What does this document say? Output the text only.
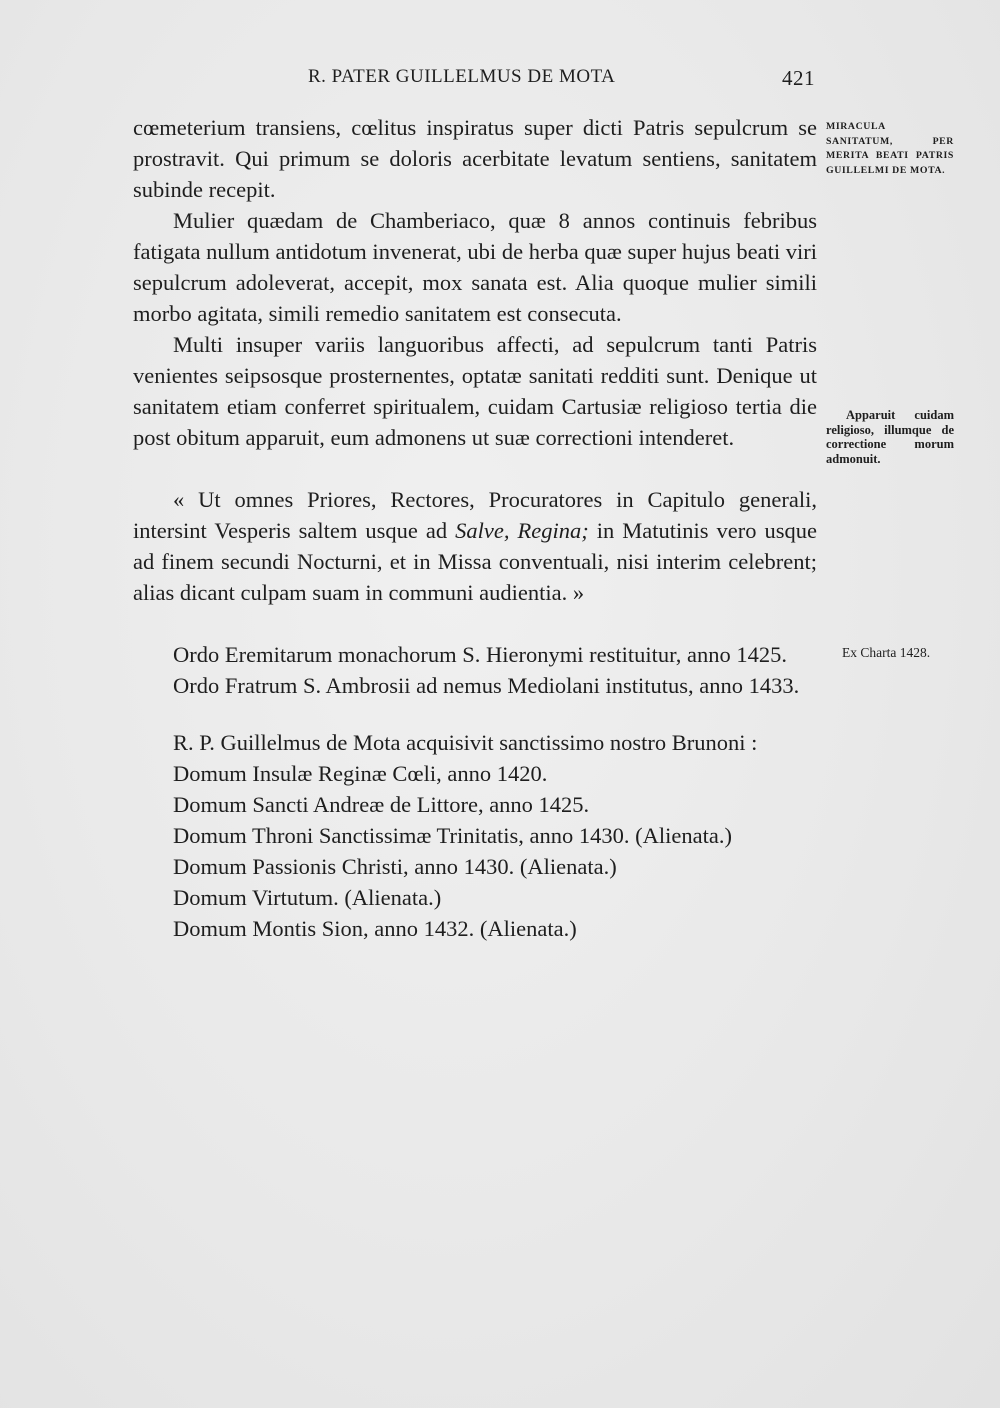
R. PATER GUILLELMUS DE MOTA	421

cœmeterium transiens, cœlitus inspiratus super dicti Patris sepulcrum se prostravit. Qui primum se doloris acerbitate levatum sentiens, sanitatem subinde recepit.

Mulier quædam de Chamberiaco, quæ 8 annos continuis febribus fatigata nullum antidotum invenerat, ubi de herba quæ super hujus beati viri sepulcrum adoleverat, accepit, mox sanata est. Alia quoque mulier simili morbo agitata, simili remedio sanitatem est consecuta.

Multi insuper variis languoribus affecti, ad sepulcrum tanti Patris venientes seipsosque prosternentes, optatæ sanitati redditi sunt. Denique ut sanitatem etiam conferret spiritualem, cuidam Cartusiæ religioso tertia die post obitum apparuit, eum admonens ut suæ correctioni intenderet.

« Ut omnes Priores, Rectores, Procuratores in Capitulo generali, intersint Vesperis saltem usque ad Salve, Regina; in Matutinis vero usque ad finem secundi Nocturni, et in Missa conventuali, nisi interim celebrent; alias dicant culpam suam in communi audientia. »

Ordo Eremitarum monachorum S. Hieronymi restituitur, anno 1425.

Ordo Fratrum S. Ambrosii ad nemus Mediolani institutus, anno 1433.

R. P. Guillelmus de Mota acquisivit sanctissimo nostro Brunoni :

Domum Insulæ Reginæ Cœli, anno 1420.
Domum Sancti Andreæ de Littore, anno 1425.
Domum Throni Sanctissimæ Trinitatis, anno 1430. (Alienata.)
Domum Passionis Christi, anno 1430. (Alienata.)
Domum Virtutum. (Alienata.)
Domum Montis Sion, anno 1432. (Alienata.)
MIRACULA SANITATUM, PER MERITA BEATI PATRIS GUILLELMI DE MOTA.
Apparuit cuidam religioso, illumque de correctione morum admonuit.
Ex Charta 1428.
